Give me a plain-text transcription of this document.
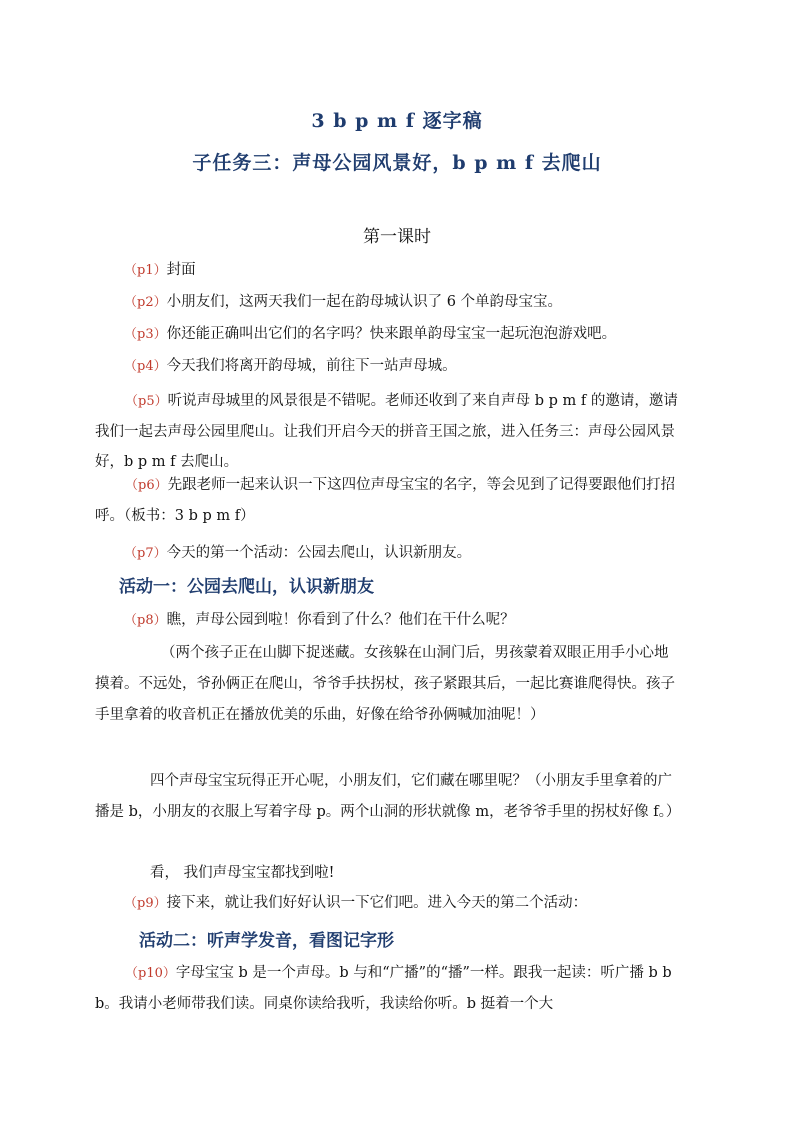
3 b p m f 逐字稿
子任务三：声母公园风景好，b p m f 去爬山
第一课时
（p1）封面
（p2）小朋友们，这两天我们一起在韵母城认识了 6 个单韵母宝宝。
（p3）你还能正确叫出它们的名字吗？快来跟单韵母宝宝一起玩泡泡游戏吧。
（p4）今天我们将离开韵母城，前往下一站声母城。
（p5）听说声母城里的风景很是不错呢。老师还收到了来自声母 b p m f 的邀请，邀请我们一起去声母公园里爬山。让我们开启今天的拼音王国之旅，进入任务三：声母公园风景好，b p m f 去爬山。
（p6）先跟老师一起来认识一下这四位声母宝宝的名字，等会见到了记得要跟他们打招呼。（板书：3 b p m f）
（p7）今天的第一个活动：公园去爬山，认识新朋友。
活动一：公园去爬山，认识新朋友
（p8）瞧，声母公园到啦！你看到了什么？他们在干什么呢？
（两个孩子正在山脚下捉迷藏。女孩躲在山洞门后，男孩蒙着双眼正用手小心地摸着。不远处，爷孙俩正在爬山，爷爷手扶拐杖，孩子紧跟其后，一起比赛谁爬得快。孩子手里拿着的收音机正在播放优美的乐曲，好像在给爷孙俩喊加油呢！）
四个声母宝宝玩得正开心呢，小朋友们，它们藏在哪里呢？（小朋友手里拿着的广播是 b，小朋友的衣服上写着字母 p。两个山洞的形状就像 m，老爷爷手里的拐杖好像 f。）
看， 我们声母宝宝都找到啦!
（p9）接下来，就让我们好好认识一下它们吧。进入今天的第二个活动：
活动二：听声学发音，看图记字形
（p10）字母宝宝 b 是一个声母。b 与和“广播”的“播”一样。跟我一起读：听广播 b b b。我请小老师带我们读。同桌你读给我听，我读给你听。b 挺着一个大
